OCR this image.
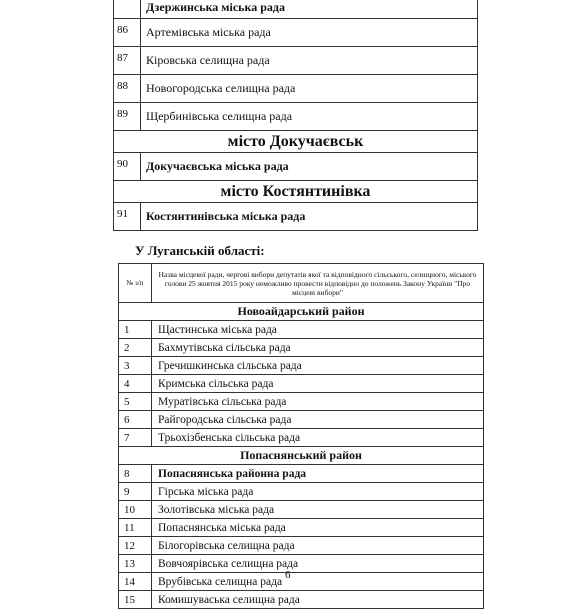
	Дзержинська міська рада
86	Артемівська міська рада
87	Кіровська селищна рада
88	Новогородська селищна рада
89	Щербинівська селищна рада
місто Докучаєвськ	
90	Докучаєвська міська рада
місто Костянтинівка	
91	Костянтинівська міська рада
У Луганській області:
№ з/п	Назва місцевої ради, чергові вибори депутатів якої та відповідного сільського, селищного, міського голови 25 жовтня 2015 року неможливо провести відповідно до положень Закону України "Про місцеві вибори"
Новоайдарський район	
1	Щастинська міська рада
2	Бахмутівська сільська рада
3	Гречишкинська сільська рада
4	Кримська сільська рада
5	Муратівська сільська рада
6	Райгородська сільська рада
7	Трьохізбенська сільська рада
Попаснянський район	
8	Попаснянська районна рада
9	Гірська міська рада
10	Золотівська міська рада
11	Попаснянська міська рада
12	Білогорівська селищна рада
13	Вовчоярівська селищна рада
14	Врубівська селищна рада
15	Комишуваська селищна рада
6
